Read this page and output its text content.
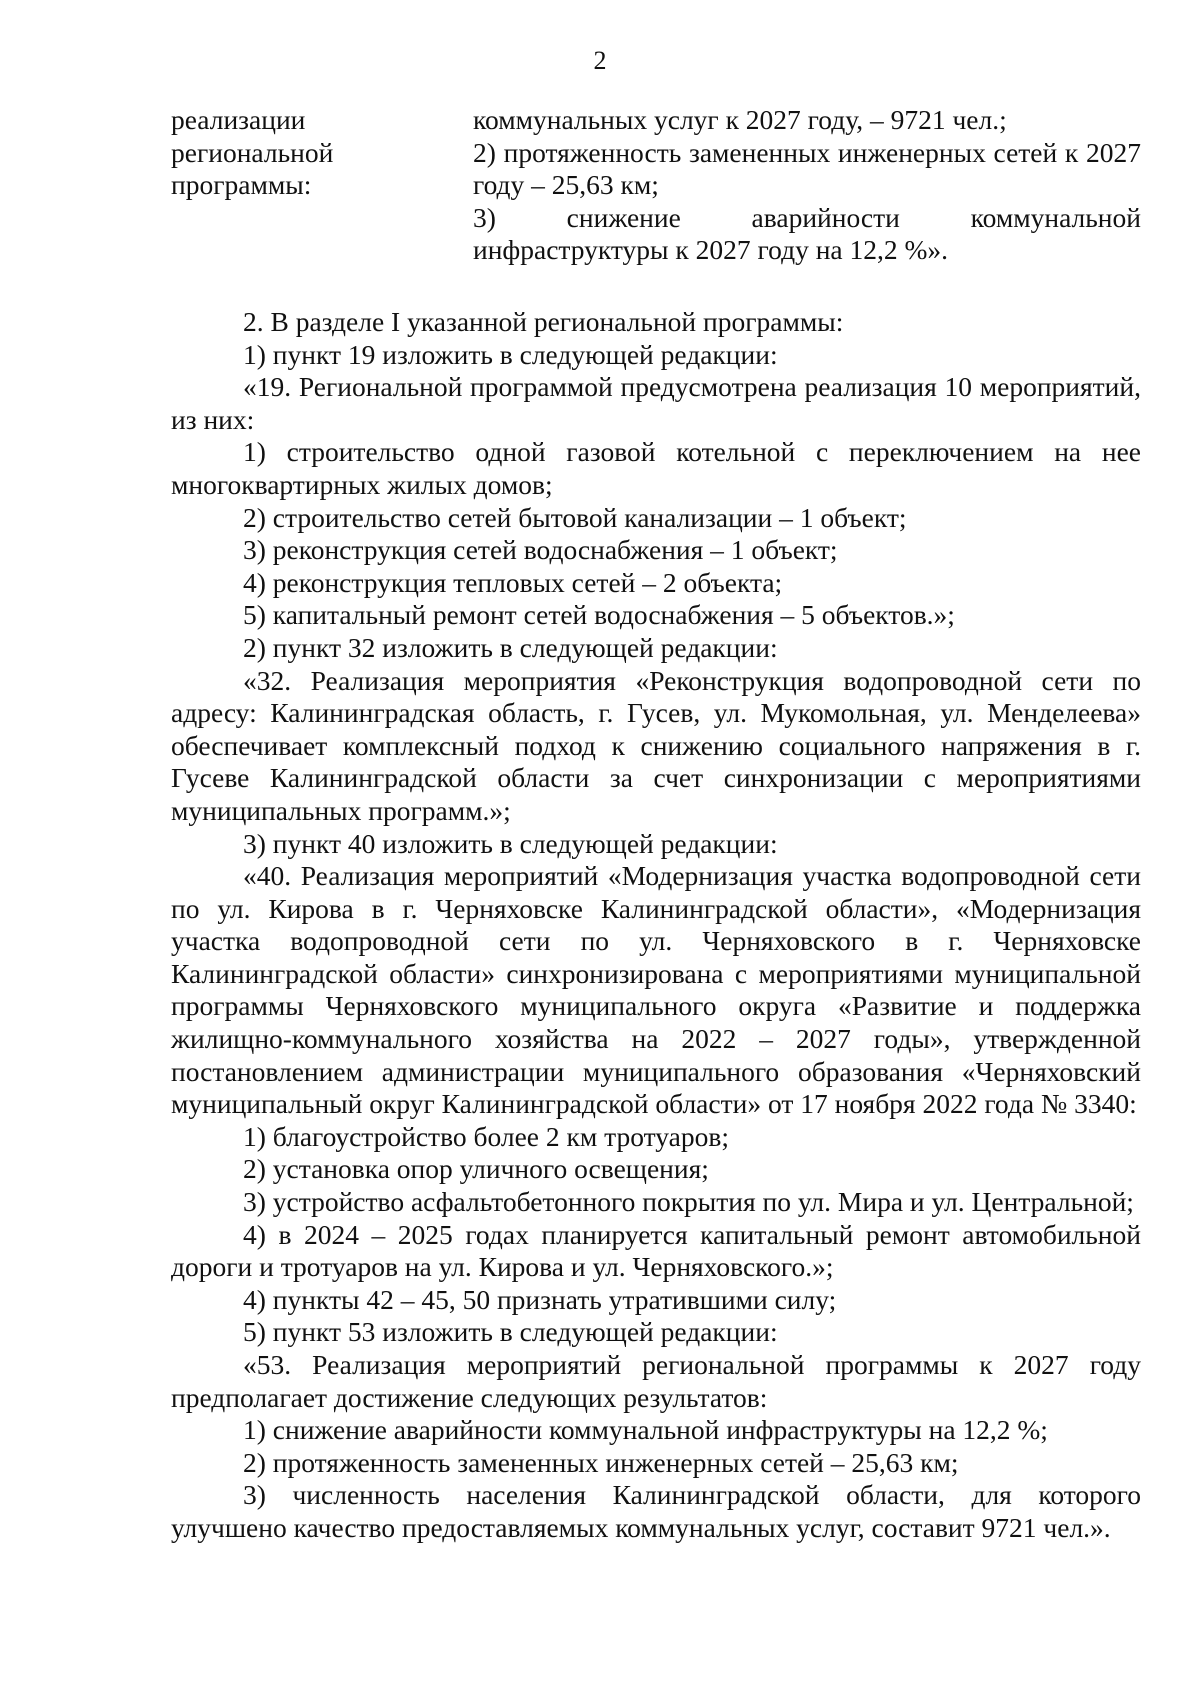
2
реализации
региональной
программы:

коммунальных услуг к 2027 году, – 9721 чел.;

2) протяженность замененных инженерных сетей к 2027 году – 25,63 км;

3) снижение аварийности коммунальной инфраструктуры к 2027 году на 12,2 %».

2. В разделе I указанной региональной программы:

1) пункт 19 изложить в следующей редакции:

«19. Региональной программой предусмотрена реализация 10 мероприятий, из них:

1) строительство одной газовой котельной с переключением на нее многоквартирных жилых домов;

2) строительство сетей бытовой канализации – 1 объект;

3) реконструкция сетей водоснабжения – 1 объект;

4) реконструкция тепловых сетей – 2 объекта;

5) капитальный ремонт сетей водоснабжения – 5 объектов.»;

2) пункт 32 изложить в следующей редакции:

«32. Реализация мероприятия «Реконструкция водопроводной сети по адресу: Калининградская область, г. Гусев, ул. Мукомольная, ул. Менделеева» обеспечивает комплексный подход к снижению социального напряжения в г. Гусеве Калининградской области за счет синхронизации с мероприятиями муниципальных программ.»;

3) пункт 40 изложить в следующей редакции:

«40. Реализация мероприятий «Модернизация участка водопроводной сети по ул. Кирова в г. Черняховске Калининградской области», «Модернизация участка водопроводной сети по ул. Черняховского в г. Черняховске Калининградской области» синхронизирована с мероприятиями муниципальной программы Черняховского муниципального округа «Развитие и поддержка жилищно-коммунального хозяйства на 2022 – 2027 годы», утвержденной постановлением администрации муниципального образования «Черняховский муниципальный округ Калининградской области» от 17 ноября 2022 года № 3340:

1) благоустройство более 2 км тротуаров;

2) установка опор уличного освещения;

3) устройство асфальтобетонного покрытия по ул. Мира и ул. Центральной;

4) в 2024 – 2025 годах планируется капитальный ремонт автомобильной дороги и тротуаров на ул. Кирова и ул. Черняховского.»;

4) пункты 42 – 45, 50 признать утратившими силу;

5) пункт 53 изложить в следующей редакции:

«53. Реализация мероприятий региональной программы к 2027 году предполагает достижение следующих результатов:

1) снижение аварийности коммунальной инфраструктуры на 12,2 %;

2) протяженность замененных инженерных сетей – 25,63 км;

3) численность населения Калининградской области, для которого улучшено качество предоставляемых коммунальных услуг, составит 9721 чел.».
